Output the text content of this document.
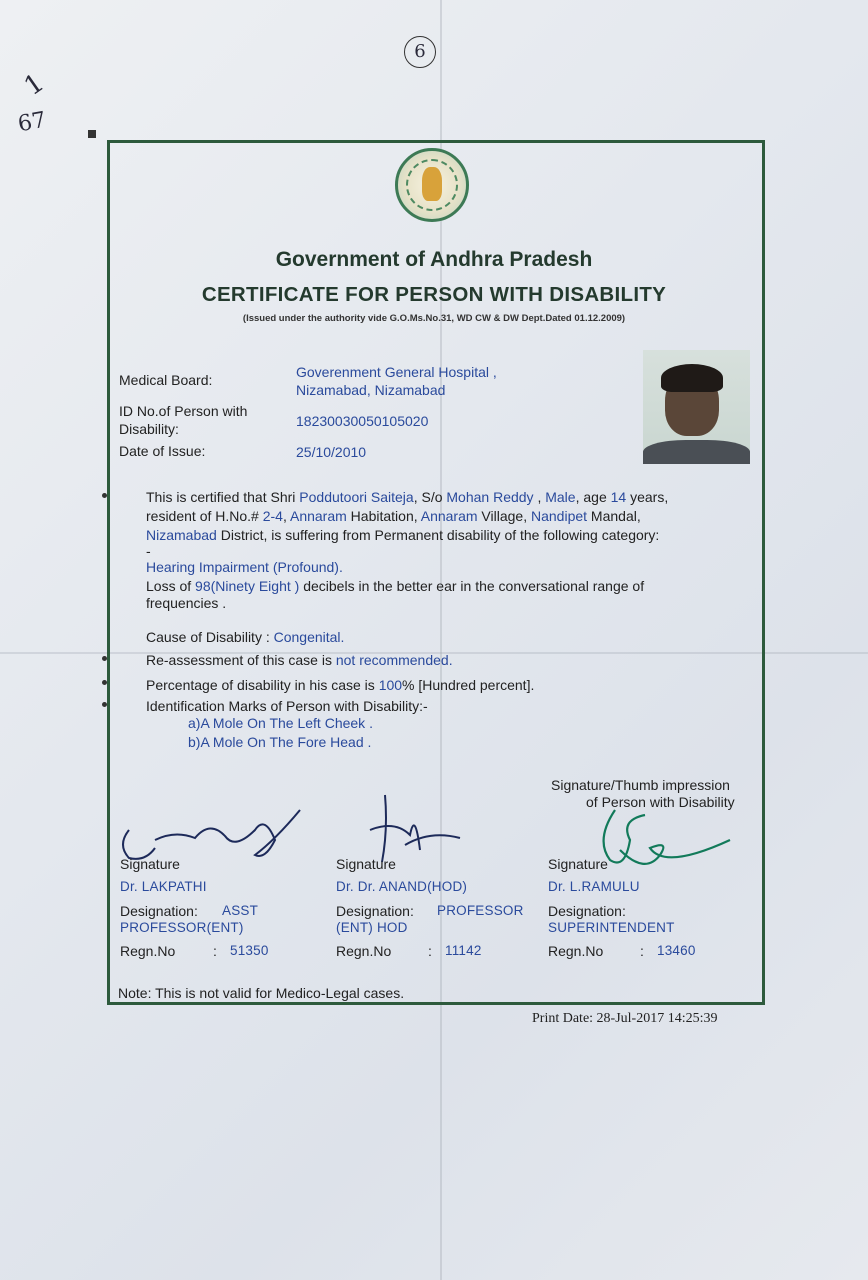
6
1
67
Government of Andhra Pradesh
CERTIFICATE FOR PERSON WITH DISABILITY
(Issued under the authority vide G.O.Ms.No.31, WD CW & DW Dept.Dated 01.12.2009)
Medical Board:	Goverenment General Hospital ,
Nizamabad, Nizamabad
ID No.of Person with
Disability:	18230030050105020
Date of Issue:	25/10/2010
This is certified that Shri Poddutoori Saiteja, S/o Mohan Reddy , Male, age 14 years,
resident of H.No.# 2-4, Annaram Habitation, Annaram Village, Nandipet Mandal,
Nizamabad District, is suffering from Permanent disability of the following category:
-
Hearing Impairment (Profound).
Loss of 98(Ninety Eight ) decibels in the better ear in the conversational range of
frequencies .
Cause of Disability : Congenital.
Re-assessment of this case is not recommended.
Percentage of disability in his case is 100% [Hundred percent].
Identification Marks of Person with Disability:-
a)A Mole On The Left Cheek .
b)A Mole On The Fore Head .
Signature/Thumb impression
of Person with Disability
Signature
Dr. LAKPATHI
Designation: ASST
PROFESSOR(ENT)
Regn.No	: 51350
Signature
Dr. Dr. ANAND(HOD)
Designation: PROFESSOR
(ENT) HOD
Regn.No	: 11142
Signature
Dr. L.RAMULU
Designation:
SUPERINTENDENT
Regn.No	: 13460
Note: This is not valid for Medico-Legal cases.
Print Date: 28-Jul-2017 14:25:39
